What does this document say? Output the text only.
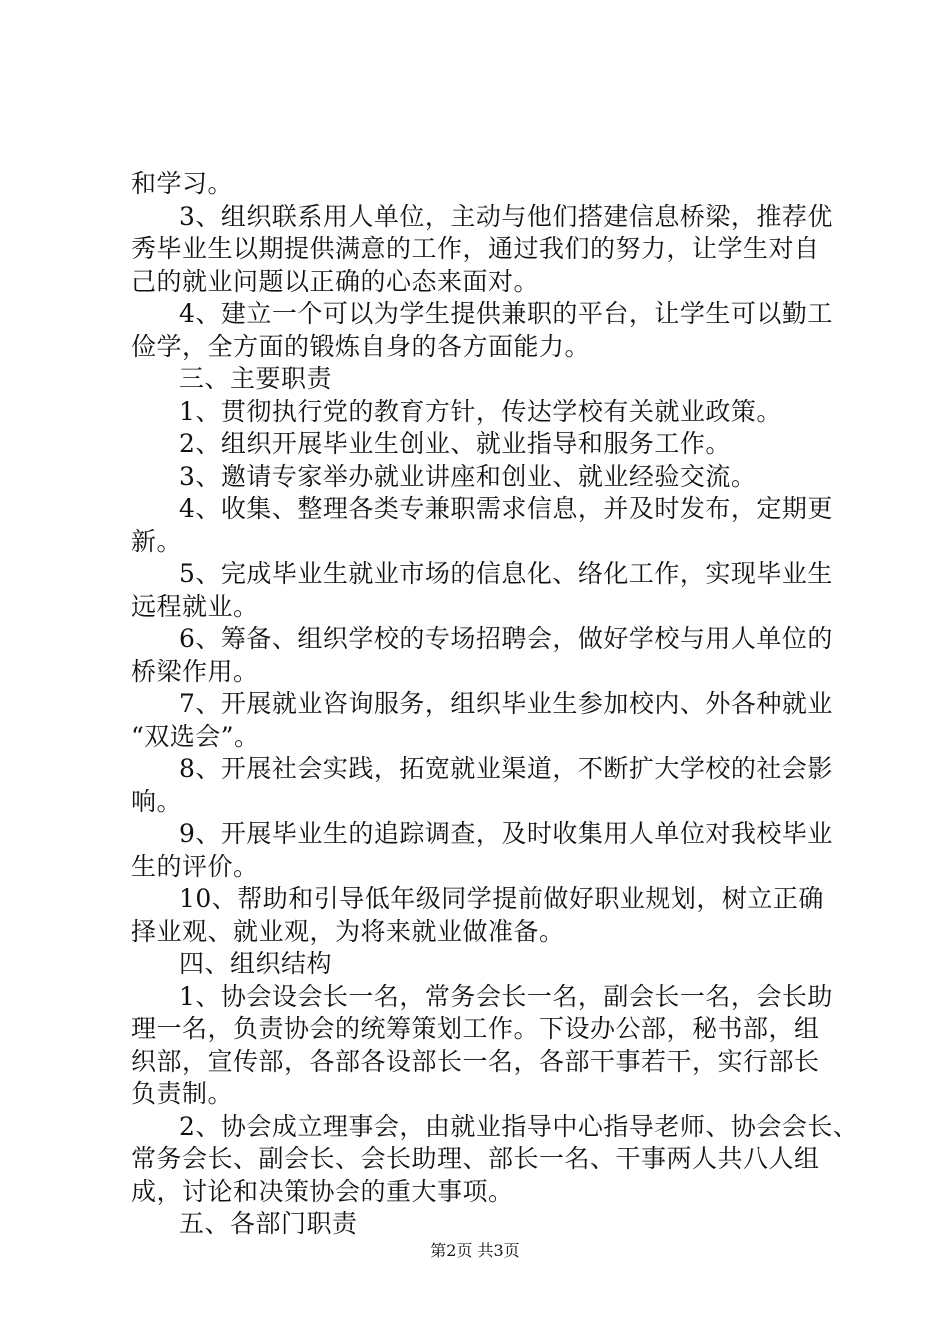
和学习。
3、组织联系用人单位，主动与他们搭建信息桥梁，推荐优
秀毕业生以期提供满意的工作，通过我们的努力，让学生对自
己的就业问题以正确的心态来面对。
4、建立一个可以为学生提供兼职的平台，让学生可以勤工
俭学，全方面的锻炼自身的各方面能力。
三、主要职责
1、贯彻执行党的教育方针，传达学校有关就业政策。
2、组织开展毕业生创业、就业指导和服务工作。
3、邀请专家举办就业讲座和创业、就业经验交流。
4、收集、整理各类专兼职需求信息，并及时发布，定期更
新。
5、完成毕业生就业市场的信息化、络化工作，实现毕业生
远程就业。
6、筹备、组织学校的专场招聘会，做好学校与用人单位的
桥梁作用。
7、开展就业咨询服务，组织毕业生参加校内、外各种就业
“双选会”。
8、开展社会实践，拓宽就业渠道，不断扩大学校的社会影
响。
9、开展毕业生的追踪调查，及时收集用人单位对我校毕业
生的评价。
10、帮助和引导低年级同学提前做好职业规划，树立正确
择业观、就业观，为将来就业做准备。
四、组织结构
1、协会设会长一名，常务会长一名，副会长一名，会长助
理一名，负责协会的统筹策划工作。下设办公部，秘书部，组
织部，宣传部，各部各设部长一名，各部干事若干，实行部长
负责制。
2、协会成立理事会，由就业指导中心指导老师、协会会长、
常务会长、副会长、会长助理、部长一名、干事两人共八人组
成，讨论和决策协会的重大事项。
五、各部门职责
第2页 共3页
